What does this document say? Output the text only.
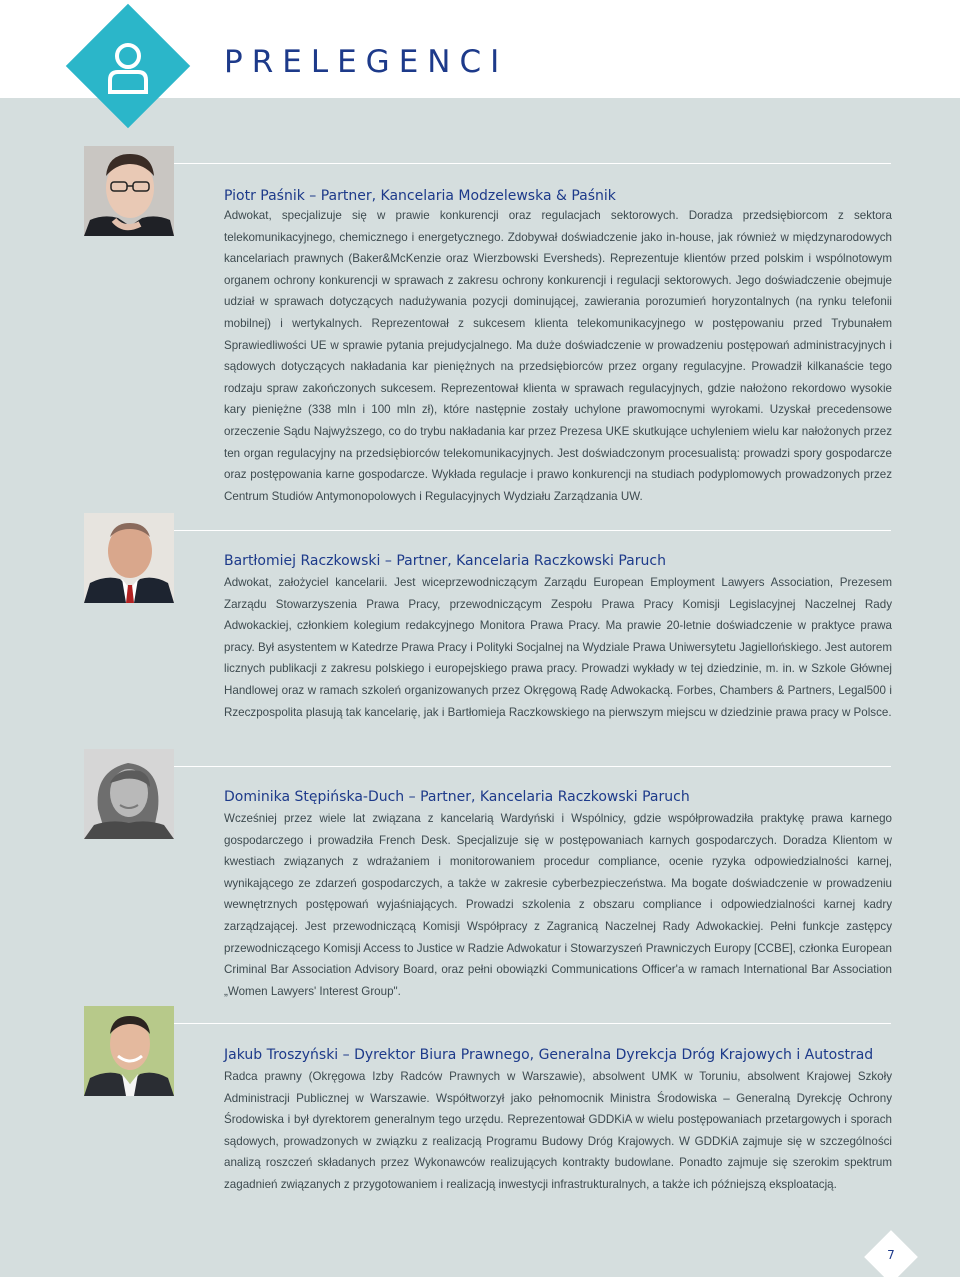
PRELEGENCI
Piotr Paśnik – Partner, Kancelaria Modzelewska & Paśnik

Adwokat, specjalizuje się w prawie konkurencji oraz regulacjach sektorowych. Doradza przedsiębiorcom z sektora telekomunikacyjnego, chemicznego i energetycznego. Zdobywał doświadczenie jako in-house, jak również w międzynarodowych kancelariach prawnych (Baker&McKenzie oraz Wierzbowski Eversheds). Reprezentuje klientów przed polskim i wspólnotowym organem ochrony konkurencji w sprawach z zakresu ochrony konkurencji i regulacji sektorowych. Jego doświadczenie obejmuje udział w sprawach dotyczących nadużywania pozycji dominującej, zawierania porozumień horyzontalnych (na rynku telefonii mobilnej) i wertykalnych. Reprezentował z sukcesem klienta telekomunikacyjnego w postępowaniu przed Trybunałem Sprawiedliwości UE w sprawie pytania prejudycjalnego. Ma duże doświadczenie w prowadzeniu postępowań administracyjnych i sądowych dotyczących nakładania kar pieniężnych na przedsiębiorców przez organy regulacyjne. Prowadził kilkanaście tego rodzaju spraw zakończonych sukcesem. Reprezentował klienta w sprawach regulacyjnych, gdzie nałożono rekordowo wysokie kary pieniężne (338 mln i 100 mln zł), które następnie zostały uchylone prawomocnymi wyrokami. Uzyskał precedensowe orzeczenie Sądu Najwyższego, co do trybu nakładania kar przez Prezesa UKE skutkujące uchyleniem wielu kar nałożonych przez ten organ regulacyjny na przedsiębiorców telekomunikacyjnych. Jest doświadczonym procesualistą: prowadzi spory gospodarcze oraz postępowania karne gospodarcze. Wykłada regulacje i prawo konkurencji na studiach podyplomowych prowadzonych przez Centrum Studiów Antymonopolowych i Regulacyjnych Wydziału Zarządzania UW.

Bartłomiej Raczkowski – Partner, Kancelaria Raczkowski Paruch

Adwokat, założyciel kancelarii. Jest wiceprzewodniczącym Zarządu European Employment Lawyers Association, Prezesem Zarządu Stowarzyszenia Prawa Pracy, przewodniczącym Zespołu Prawa Pracy Komisji Legislacyjnej Naczelnej Rady Adwokackiej, członkiem kolegium redakcyjnego Monitora Prawa Pracy. Ma prawie 20-letnie doświadczenie w praktyce prawa pracy. Był asystentem w Katedrze Prawa Pracy i Polityki Socjalnej na Wydziale Prawa Uniwersytetu Jagiellońskiego. Jest autorem licznych publikacji z zakresu polskiego i europejskiego prawa pracy. Prowadzi wykłady w tej dziedzinie, m. in. w Szkole Głównej Handlowej oraz w ramach szkoleń organizowanych przez Okręgową Radę Adwokacką. Forbes, Chambers & Partners, Legal500 i Rzeczpospolita plasują tak kancelarię, jak i Bartłomieja Raczkowskiego na pierwszym miejscu w dziedzinie prawa pracy w Polsce.

Dominika Stępińska-Duch – Partner, Kancelaria Raczkowski Paruch

Wcześniej przez wiele lat związana z kancelarią Wardyński i Wspólnicy, gdzie współprowadziła praktykę prawa karnego gospodarczego i prowadziła French Desk. Specjalizuje się w postępowaniach karnych gospodarczych. Doradza Klientom w kwestiach związanych z wdrażaniem i monitorowaniem procedur compliance, ocenie ryzyka odpowiedzialności karnej, wynikającego ze zdarzeń gospodarczych, a także w zakresie cyberbezpieczeństwa. Ma bogate doświadczenie w prowadzeniu wewnętrznych postępowań wyjaśniających. Prowadzi szkolenia z obszaru compliance i odpowiedzialności karnej kadry zarządzającej. Jest przewodniczącą Komisji Współpracy z Zagranicą Naczelnej Rady Adwokackiej. Pełni funkcje zastępcy przewodniczącego Komisji Access to Justice w Radzie Adwokatur i Stowarzyszeń Prawniczych Europy [CCBE], członka European Criminal Bar Association Advisory Board, oraz pełni obowiązki Communications Officer'a w ramach International Bar Association „Women Lawyers' Interest Group".

Jakub Troszyński – Dyrektor Biura Prawnego, Generalna Dyrekcja Dróg Krajowych i Autostrad

Radca prawny (Okręgowa Izby Radców Prawnych w Warszawie), absolwent UMK w Toruniu, absolwent Krajowej Szkoły Administracji Publicznej w Warszawie. Współtworzył jako pełnomocnik Ministra Środowiska – Generalną Dyrekcję Ochrony Środowiska i był dyrektorem generalnym tego urzędu. Reprezentował GDDKiA w wielu postępowaniach przetargowych i sporach sądowych, prowadzonych w związku z realizacją Programu Budowy Dróg Krajowych. W GDDKiA zajmuje się w szczególności analizą roszczeń składanych przez Wykonawców realizujących kontrakty budowlane. Ponadto zajmuje się szerokim spektrum zagadnień związanych z przygotowaniem i realizacją inwestycji infrastrukturalnych, a także ich późniejszą eksploatacją.

7
